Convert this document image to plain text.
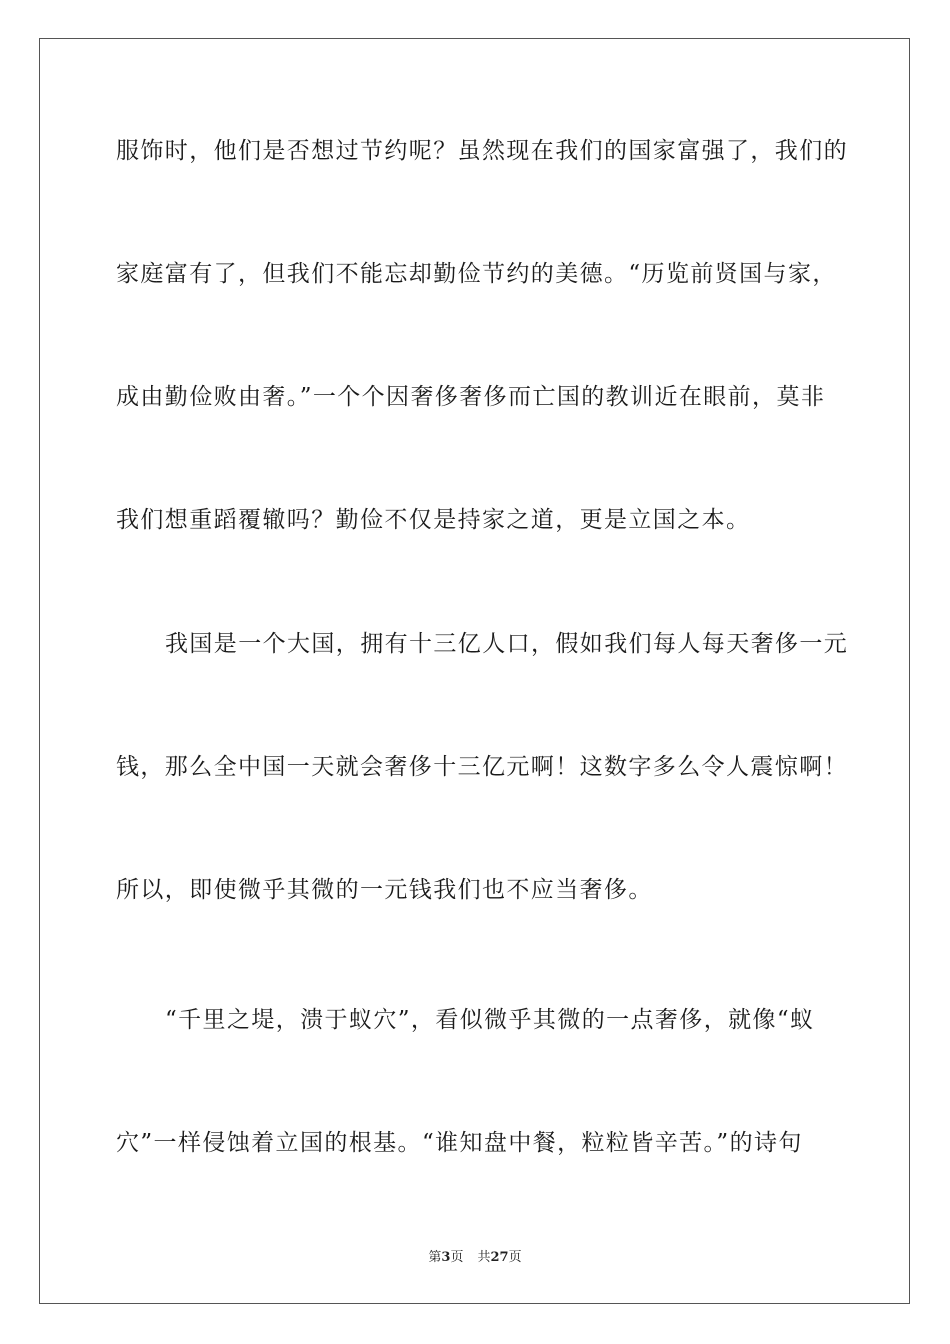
服饰时，他们是否想过节约呢？虽然现在我们的国家富强了，我们的
家庭富有了，但我们不能忘却勤俭节约的美德。“历览前贤国与家，
成由勤俭败由奢。”一个个因奢侈奢侈而亡国的教训近在眼前，莫非
我们想重蹈覆辙吗？勤俭不仅是持家之道，更是立国之本。
我国是一个大国，拥有十三亿人口，假如我们每人每天奢侈一元
钱，那么全中国一天就会奢侈十三亿元啊！这数字多么令人震惊啊！
所以，即使微乎其微的一元钱我们也不应当奢侈。
“千里之堤，溃于蚁穴”，看似微乎其微的一点奢侈，就像“蚁
穴”一样侵蚀着立国的根基。“谁知盘中餐，粒粒皆辛苦。”的诗句
第3页 共27页
